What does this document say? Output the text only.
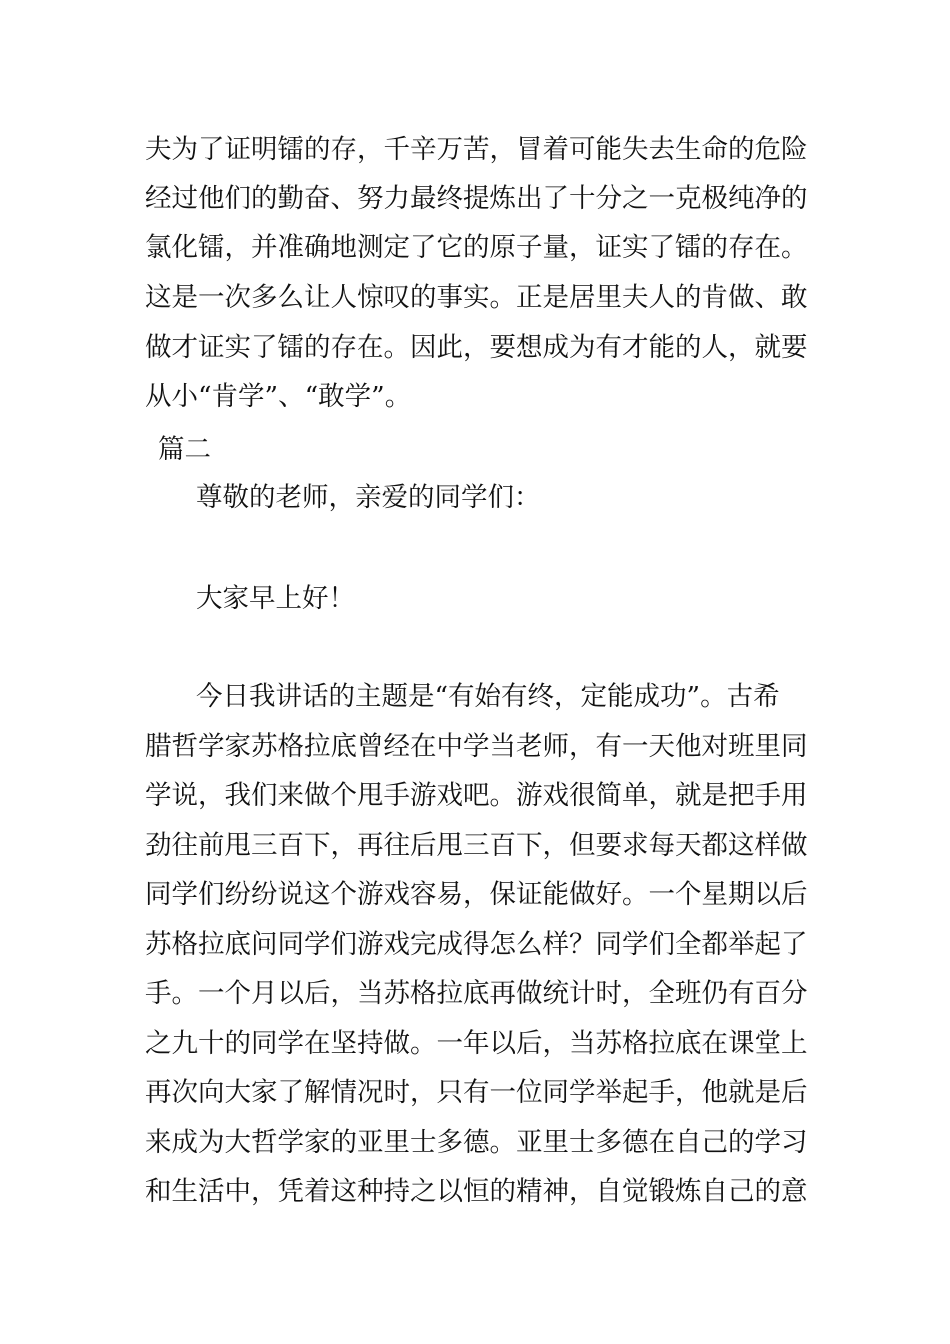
夫为了证明镭的存，千辛万苦，冒着可能失去生命的危险
经过他们的勤奋、努力最终提炼出了十分之一克极纯净的
氯化镭，并准确地测定了它的原子量，证实了镭的存在。
这是一次多么让人惊叹的事实。正是居里夫人的肯做、敢
做才证实了镭的存在。因此，要想成为有才能的人，就要
从小“肯学”、“敢学”。
篇二
尊敬的老师，亲爱的同学们：
大家早上好！
今日我讲话的主题是“有始有终，定能成功”。古希
腊哲学家苏格拉底曾经在中学当老师，有一天他对班里同
学说，我们来做个甩手游戏吧。游戏很简单，就是把手用
劲往前甩三百下，再往后甩三百下，但要求每天都这样做
同学们纷纷说这个游戏容易，保证能做好。一个星期以后
苏格拉底问同学们游戏完成得怎么样？同学们全都举起了
手。一个月以后，当苏格拉底再做统计时，全班仍有百分
之九十的同学在坚持做。一年以后，当苏格拉底在课堂上
再次向大家了解情况时，只有一位同学举起手，他就是后
来成为大哲学家的亚里士多德。亚里士多德在自己的学习
和生活中，凭着这种持之以恒的精神，自觉锻炼自己的意
